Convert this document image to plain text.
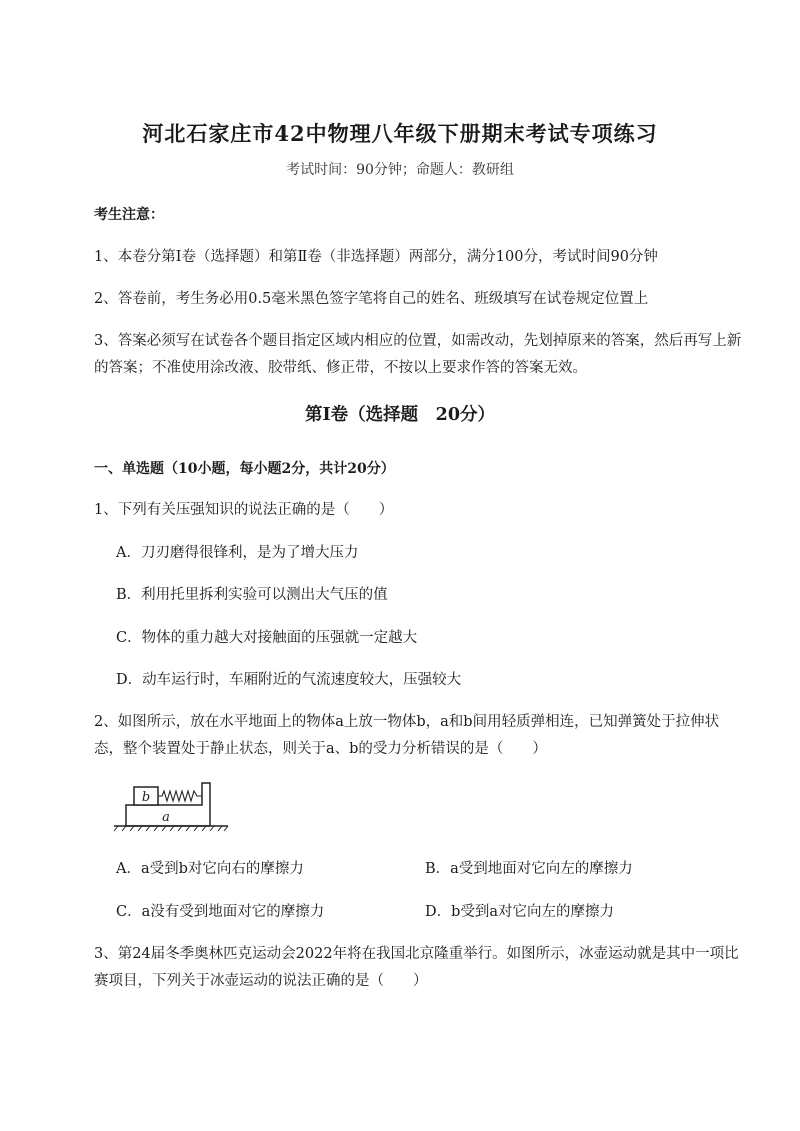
河北石家庄市42中物理八年级下册期末考试专项练习
考试时间：90分钟；命题人：教研组
考生注意：
1、本卷分第Ⅰ卷（选择题）和第Ⅱ卷（非选择题）两部分，满分100分，考试时间90分钟
2、答卷前，考生务必用0.5毫米黑色签字笔将自己的姓名、班级填写在试卷规定位置上
3、答案必须写在试卷各个题目指定区域内相应的位置，如需改动，先划掉原来的答案，然后再写上新
的答案；不准使用涂改液、胶带纸、修正带，不按以上要求作答的答案无效。
第Ⅰ卷（选择题　20分）
一、单选题（10小题，每小题2分，共计20分）
1、下列有关压强知识的说法正确的是（　　）
A．刀刃磨得很锋利，是为了增大压力
B．利用托里拆利实验可以测出大气压的值
C．物体的重力越大对接触面的压强就一定越大
D．动车运行时，车厢附近的气流速度较大，压强较大
2、如图所示，放在水平地面上的物体a上放一物体b，a和b间用轻质弹相连，已知弹簧处于拉伸状
态，整个装置处于静止状态，则关于a、b的受力分析错误的是（　　）
b
a
A．a受到b对它向右的摩擦力	B．a受到地面对它向左的摩擦力
C．a没有受到地面对它的摩擦力	D．b受到a对它向左的摩擦力
3、第24届冬季奥林匹克运动会2022年将在我国北京隆重举行。如图所示，冰壶运动就是其中一项比
赛项目，下列关于冰壶运动的说法正确的是（　　）
